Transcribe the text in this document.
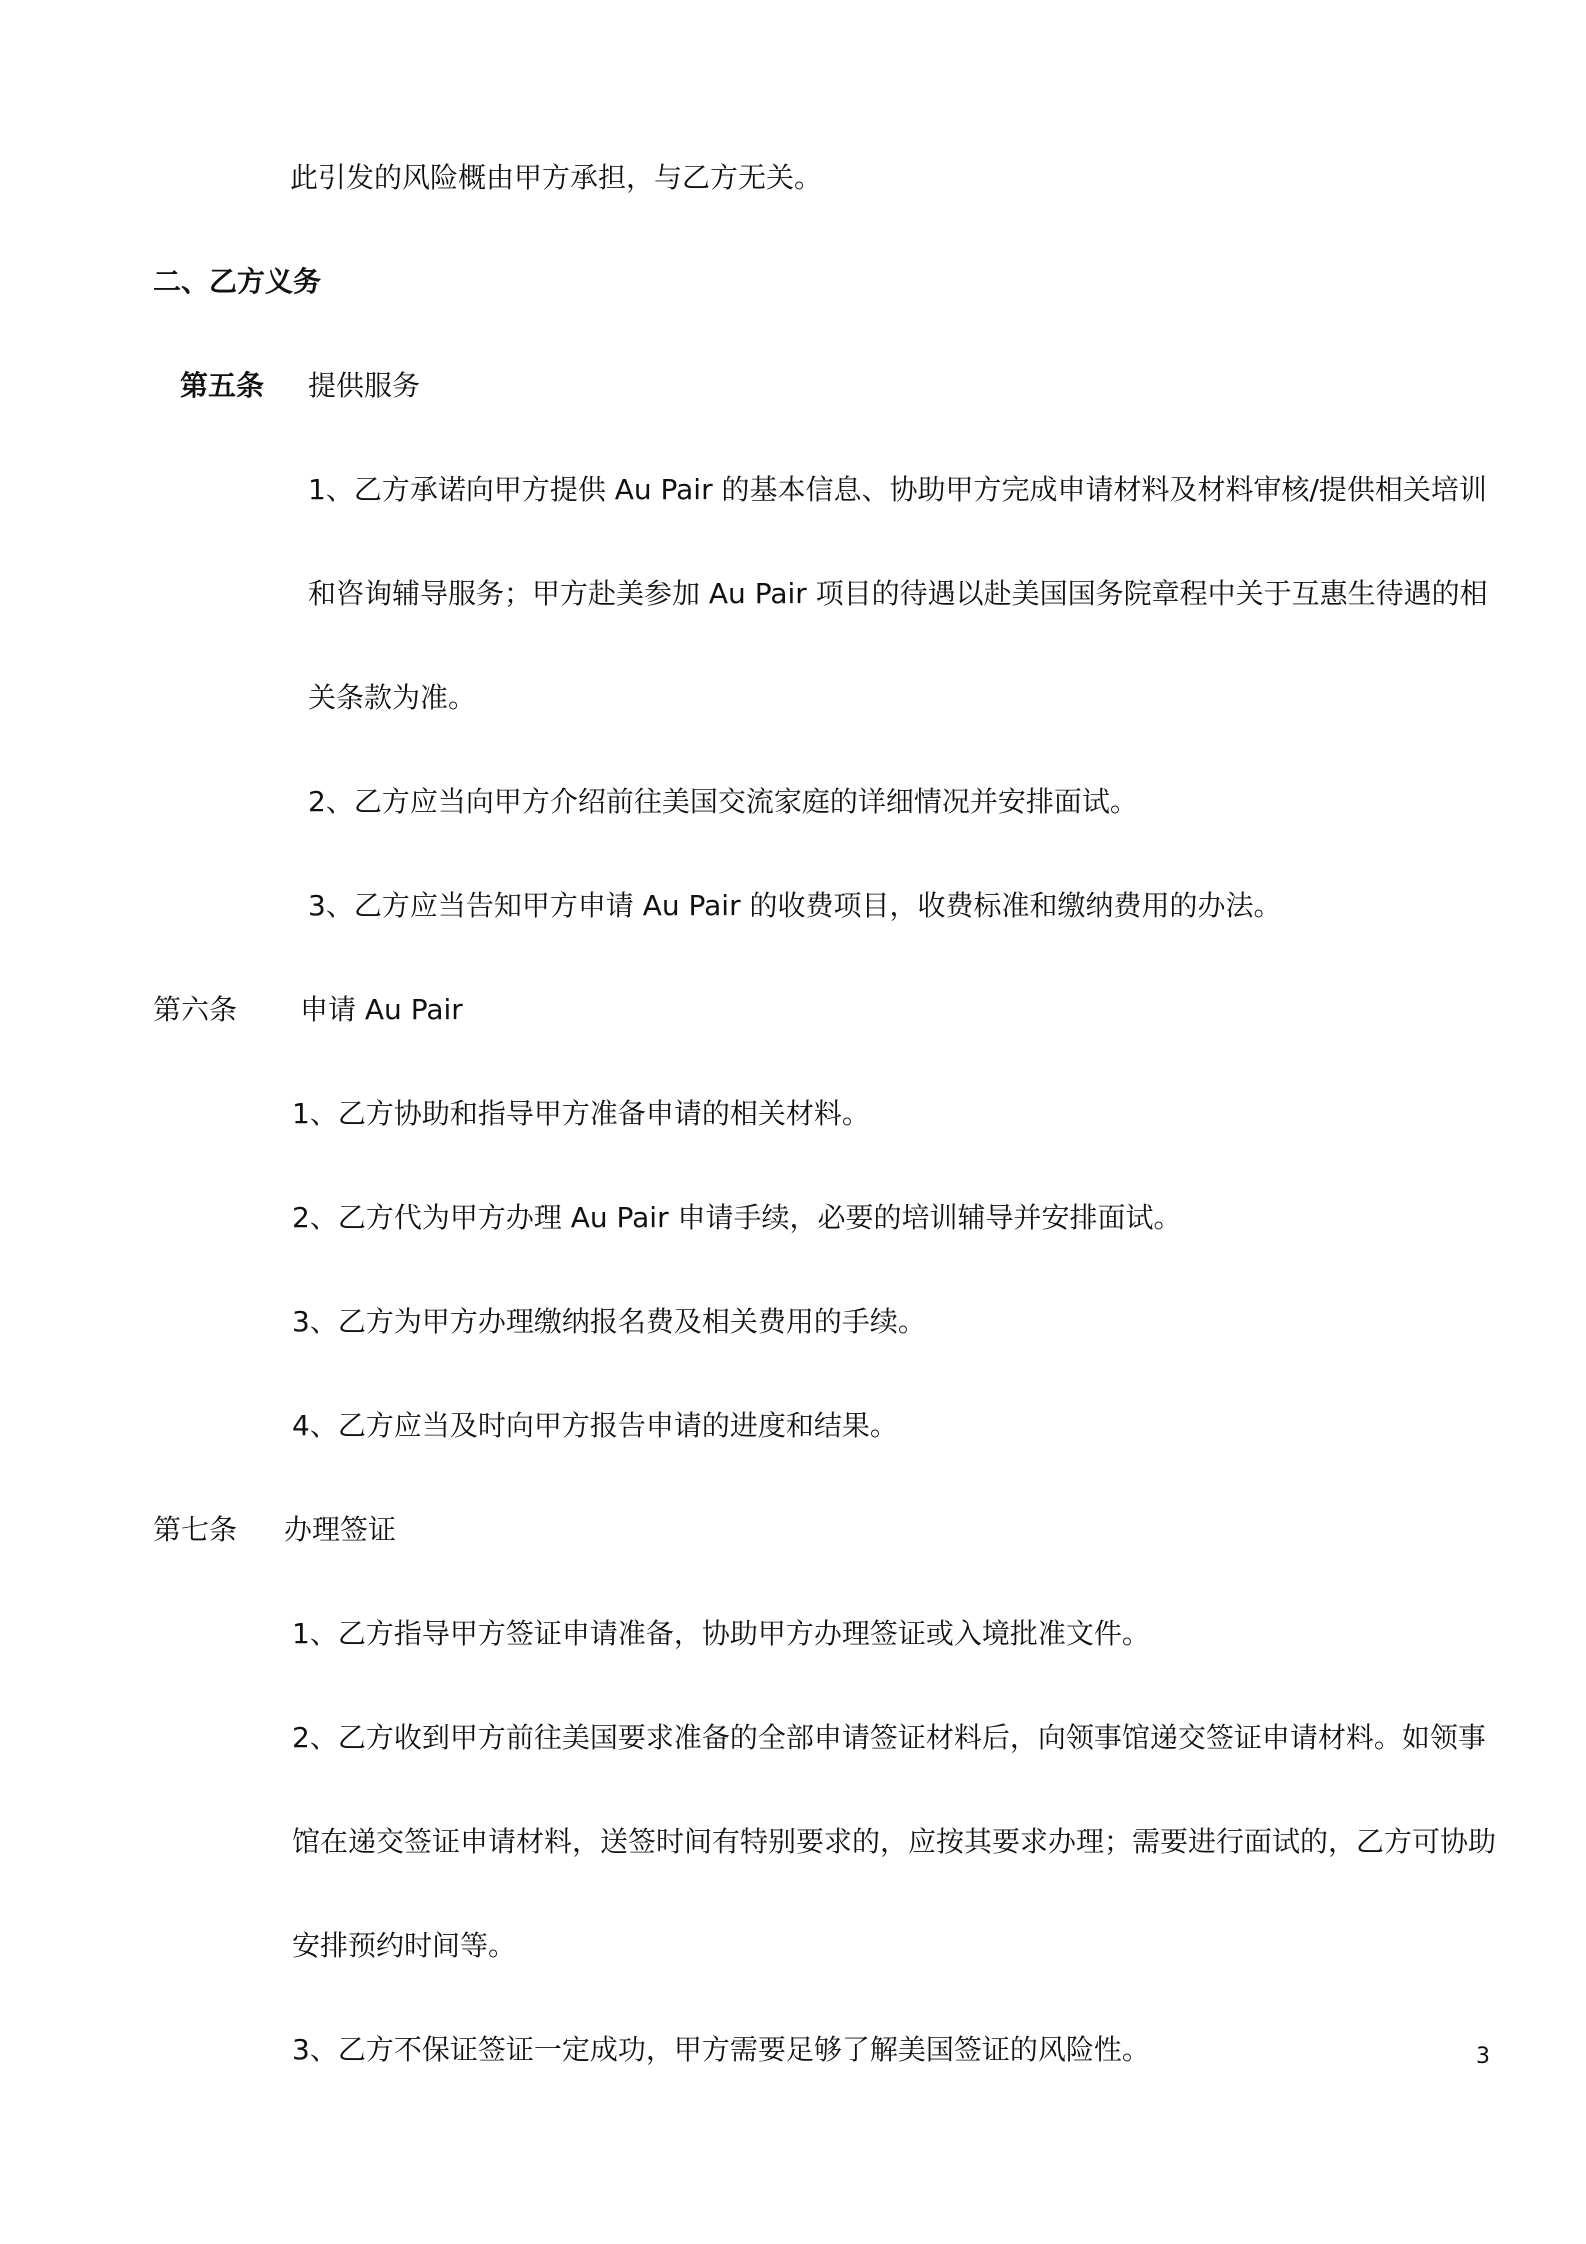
此引发的风险概由甲方承担，与乙方无关。
二、乙方义务
第五条 提供服务
1、乙方承诺向甲方提供 Au Pair 的基本信息、协助甲方完成申请材料及材料审核/提供相关培训
和咨询辅导服务；甲方赴美参加 Au Pair 项目的待遇以赴美国国务院章程中关于互惠生待遇的相
关条款为准。
2、乙方应当向甲方介绍前往美国交流家庭的详细情况并安排面试。
3、乙方应当告知甲方申请 Au Pair 的收费项目，收费标准和缴纳费用的办法。
第六条 申请 Au Pair
1、乙方协助和指导甲方准备申请的相关材料。
2、乙方代为甲方办理 Au Pair 申请手续，必要的培训辅导并安排面试。
3、乙方为甲方办理缴纳报名费及相关费用的手续。
4、乙方应当及时向甲方报告申请的进度和结果。
第七条 办理签证
1、乙方指导甲方签证申请准备，协助甲方办理签证或入境批准文件。
2、乙方收到甲方前往美国要求准备的全部申请签证材料后，向领事馆递交签证申请材料。如领事
馆在递交签证申请材料，送签时间有特别要求的，应按其要求办理；需要进行面试的，乙方可协助
安排预约时间等。
3、乙方不保证签证一定成功，甲方需要足够了解美国签证的风险性。	3
